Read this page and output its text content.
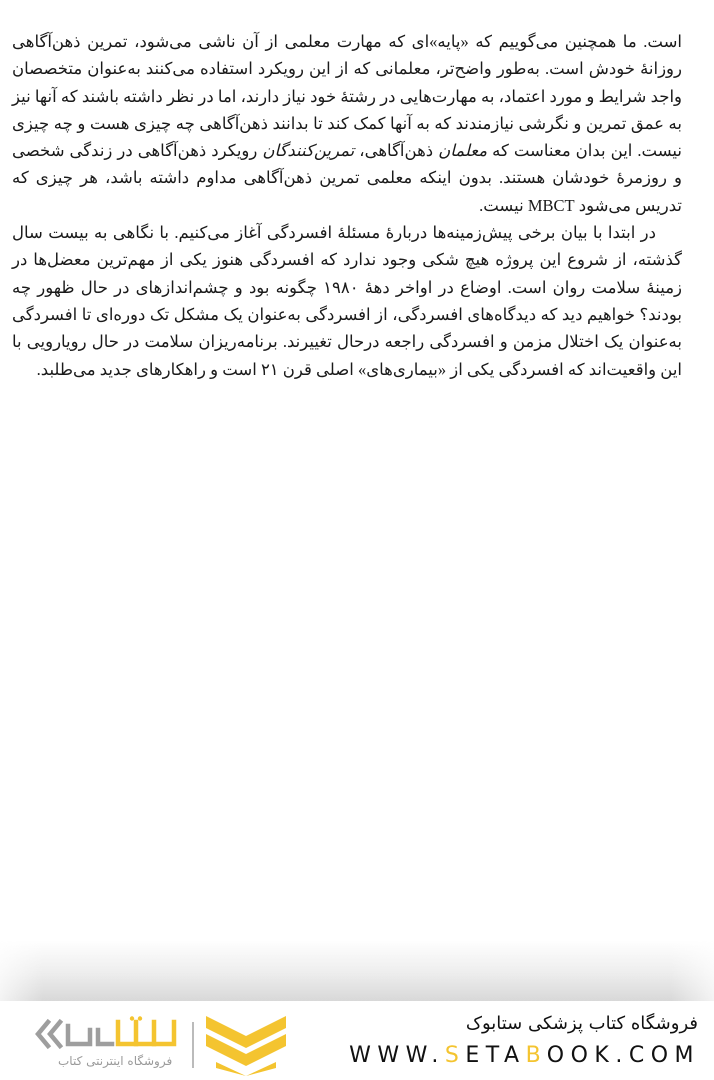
است. ما همچنین می‌گوییم که «پایه»ای که مهارت معلمی از آن ناشی می‌شود، تمرین ذهن‌آگاهی روزانهٔ خودش است. به‌طور واضح‌تر، معلمانی که از این رویکرد استفاده می‌کنند به‌عنوان متخصصان واجد شرایط و مورد اعتماد، به مهارت‌هایی در رشتهٔ خود نیاز دارند، اما در نظر داشته باشند که آنها نیز به عمق تمرین و نگرشی نیازمندند که به آنها کمک کند تا بدانند ذهن‌آگاهی چه چیزی هست و چه چیزی نیست. این بدان معناست که معلمان ذهن‌آگاهی، تمرین‌کنندگان رویکرد ذهن‌آگاهی در زندگی شخصی و روزمرهٔ خودشان هستند. بدون اینکه معلمی تمرین ذهن‌آگاهی مداوم داشته باشد، هر چیزی که تدریس می‌شود MBCT نیست.

در ابتدا با بیان برخی پیش‌زمینه‌ها دربارهٔ مسئلهٔ افسردگی آغاز می‌کنیم. با نگاهی به بیست سال گذشته، از شروع این پروژه هیچ شکی وجود ندارد که افسردگی هنوز یکی از مهم‌ترین معضل‌ها در زمینهٔ سلامت روان است. اوضاع در اواخر دههٔ ۱۹۸۰ چگونه بود و چشم‌اندازهای در حال ظهور چه بودند؟ خواهیم دید که دیدگاه‌های افسردگی، از افسردگی به‌عنوان یک مشکل تک دوره‌ای تا افسردگی به‌عنوان یک اختلال مزمن و افسردگی راجعه درحال تغییرند. برنامه‌ریزان سلامت در حال رویارویی با این واقعیت‌اند که افسردگی یکی از «بیماری‌های» اصلی قرن ۲۱ است و راهکارهای جدید می‌طلبد.

فروشگاه کتاب پزشکی ستابوک
WWW.SETABOOK.COM
فروشگاه اینترنتی کتاب
